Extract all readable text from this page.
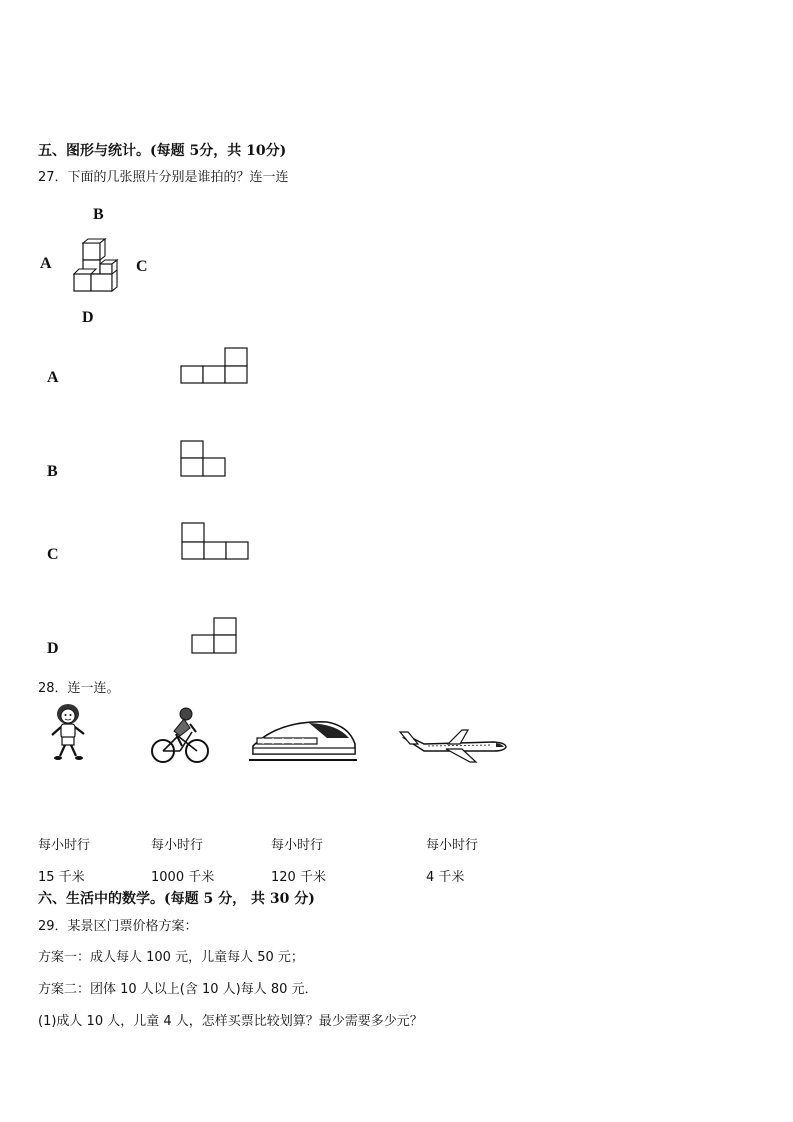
五、图形与统计。(每题 5分，共 10分)
27．下面的几张照片分别是谁拍的？连一连
B
A	C
D
A
B
C
D
28．连一连。
每小时行
15 千米
每小时行
1000 千米
每小时行
120 千米
每小时行
4 千米
六、生活中的数学。(每题 5 分， 共 30 分)
29．某景区门票价格方案：
方案一：成人每人 100 元，儿童每人 50 元；
方案二：团体 10 人以上(含 10 人)每人 80 元．
(1)成人 10 人，儿童 4 人，怎样买票比较划算？最少需要多少元？
